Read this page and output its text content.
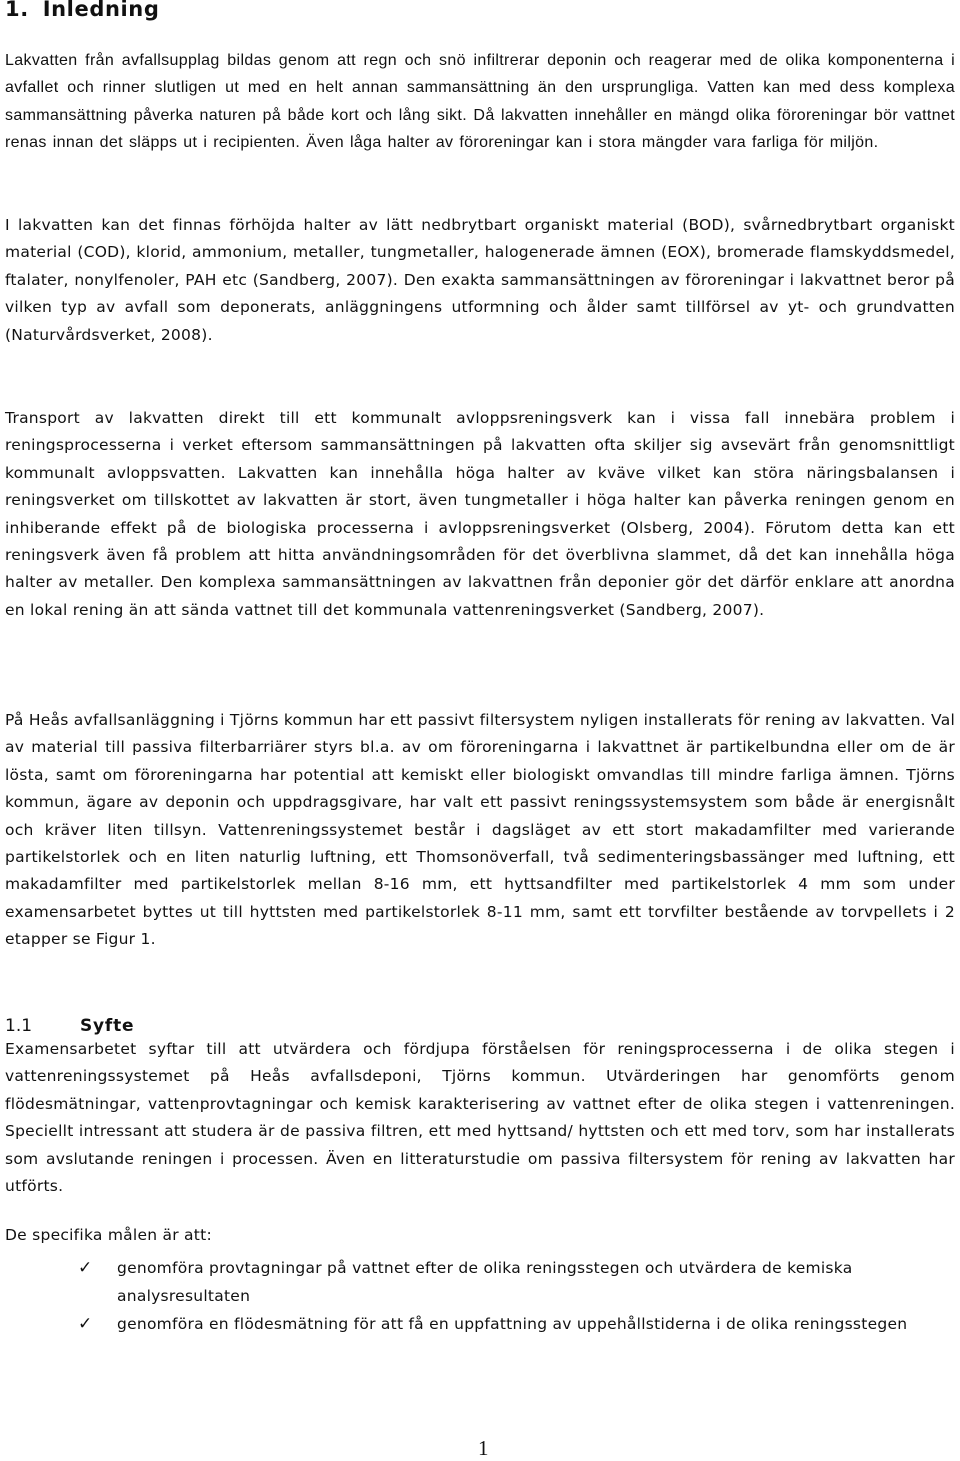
1. Inledning

Lakvatten från avfallsupplag bildas genom att regn och snö infiltrerar deponin och reagerar med de olika komponenterna i avfallet och rinner slutligen ut med en helt annan sammansättning än den ursprungliga. Vatten kan med dess komplexa sammansättning påverka naturen på både kort och lång sikt. Då lakvatten innehåller en mängd olika föroreningar bör vattnet renas innan det släpps ut i recipienten. Även låga halter av föroreningar kan i stora mängder vara farliga för miljön.

I lakvatten kan det finnas förhöjda halter av lätt nedbrytbart organiskt material (BOD), svårnedbrytbart organiskt material (COD), klorid, ammonium, metaller, tungmetaller, halogenerade ämnen (EOX), bromerade flamskyddsmedel, ftalater, nonylfenoler, PAH etc (Sandberg, 2007). Den exakta sammansättningen av föroreningar i lakvattnet beror på vilken typ av avfall som deponerats, anläggningens utformning och ålder samt tillförsel av yt- och grundvatten (Naturvårdsverket, 2008).

Transport av lakvatten direkt till ett kommunalt avloppsreningsverk kan i vissa fall innebära problem i reningsprocesserna i verket eftersom sammansättningen på lakvatten ofta skiljer sig avsevärt från genomsnittligt kommunalt avloppsvatten. Lakvatten kan innehålla höga halter av kväve vilket kan störa näringsbalansen i reningsverket om tillskottet av lakvatten är stort, även tungmetaller i höga halter kan påverka reningen genom en inhiberande effekt på de biologiska processerna i avloppsreningsverket (Olsberg, 2004). Förutom detta kan ett reningsverk även få problem att hitta användningsområden för det överblivna slammet, då det kan innehålla höga halter av metaller. Den komplexa sammansättningen av lakvattnen från deponier gör det därför enklare att anordna en lokal rening än att sända vattnet till det kommunala vattenreningsverket (Sandberg, 2007).

På Heås avfallsanläggning i Tjörns kommun har ett passivt filtersystem nyligen installerats för rening av lakvatten. Val av material till passiva filterbarriärer styrs bl.a. av om föroreningarna i lakvattnet är partikelbundna eller om de är lösta, samt om föroreningarna har potential att kemiskt eller biologiskt omvandlas till mindre farliga ämnen. Tjörns kommun, ägare av deponin och uppdragsgivare, har valt ett passivt reningssystemsystem som både är energisnålt och kräver liten tillsyn. Vattenreningssystemet består i dagsläget av ett stort makadamfilter med varierande partikelstorlek och en liten naturlig luftning, ett Thomsonöverfall, två sedimenteringsbassänger med luftning, ett makadamfilter med partikelstorlek mellan 8-16 mm, ett hyttsandfilter med partikelstorlek 4 mm som under examensarbetet byttes ut till hyttsten med partikelstorlek 8-11 mm, samt ett torvfilter bestående av torvpellets i 2 etapper se Figur 1.

1.1	Syfte

Examensarbetet syftar till att utvärdera och fördjupa förståelsen för reningsprocesserna i de olika stegen i vattenreningssystemet på Heås avfallsdeponi, Tjörns kommun. Utvärderingen har genomförts genom flödesmätningar, vattenprovtagningar och kemisk karakterisering av vattnet efter de olika stegen i vattenreningen. Speciellt intressant att studera är de passiva filtren, ett med hyttsand/ hyttsten och ett med torv, som har installerats som avslutande reningen i processen. Även en litteraturstudie om passiva filtersystem för rening av lakvatten har utförts.

De specifika målen är att:

✓ genomföra provtagningar på vattnet efter de olika reningsstegen och utvärdera de kemiska analysresultaten
✓ genomföra en flödesmätning för att få en uppfattning av uppehållstiderna i de olika reningsstegen
1
